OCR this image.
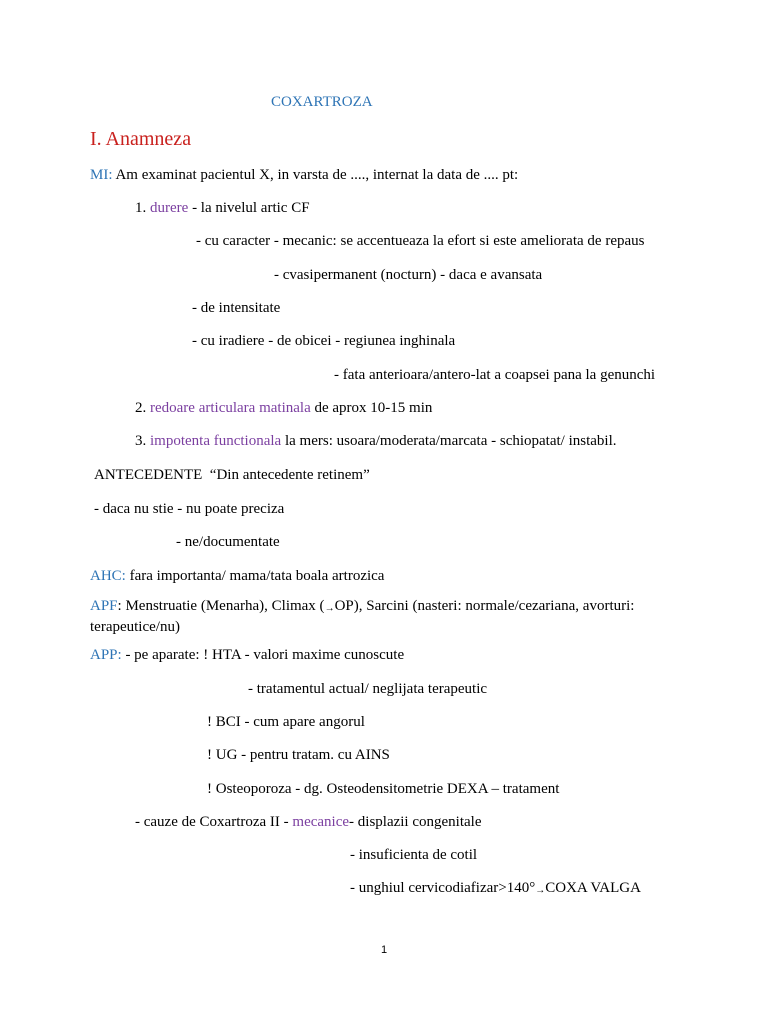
COXARTROZA
I. Anamneza
MI: Am examinat pacientul X, in varsta de ...., internat la data de .... pt:
1. durere - la nivelul artic CF
- cu caracter - mecanic: se accentueaza la efort si este ameliorata de repaus
- cvasipermanent (nocturn) - daca e avansata
- de intensitate
- cu iradiere - de obicei - regiunea inghinala
- fata anterioara/antero-lat a coapsei pana la genunchi
2. redoare articulara matinala de aprox 10-15 min
3. impotenta functionala la mers: usoara/moderata/marcata - schiopatat/ instabil.
ANTECEDENTE  “Din antecedente retinem”
- daca nu stie - nu poate preciza
- ne/documentate
AHC: fara importanta/ mama/tata boala artrozica
APF: Menstruatie (Menarha), Climax (→OP), Sarcini (nasteri: normale/cezariana, avorturi: terapeutice/nu)
APP: - pe aparate: ! HTA - valori maxime cunoscute
- tratamentul actual/ neglijata terapeutic
! BCI - cum apare angorul
! UG - pentru tratam. cu AINS
! Osteoporoza - dg. Osteodensitometrie DEXA – tratament
- cauze de Coxartroza II - mecanice- displazii congenitale
- insuficienta de cotil
- unghiul cervicodiafizar>140°→COXA VALGA
1
